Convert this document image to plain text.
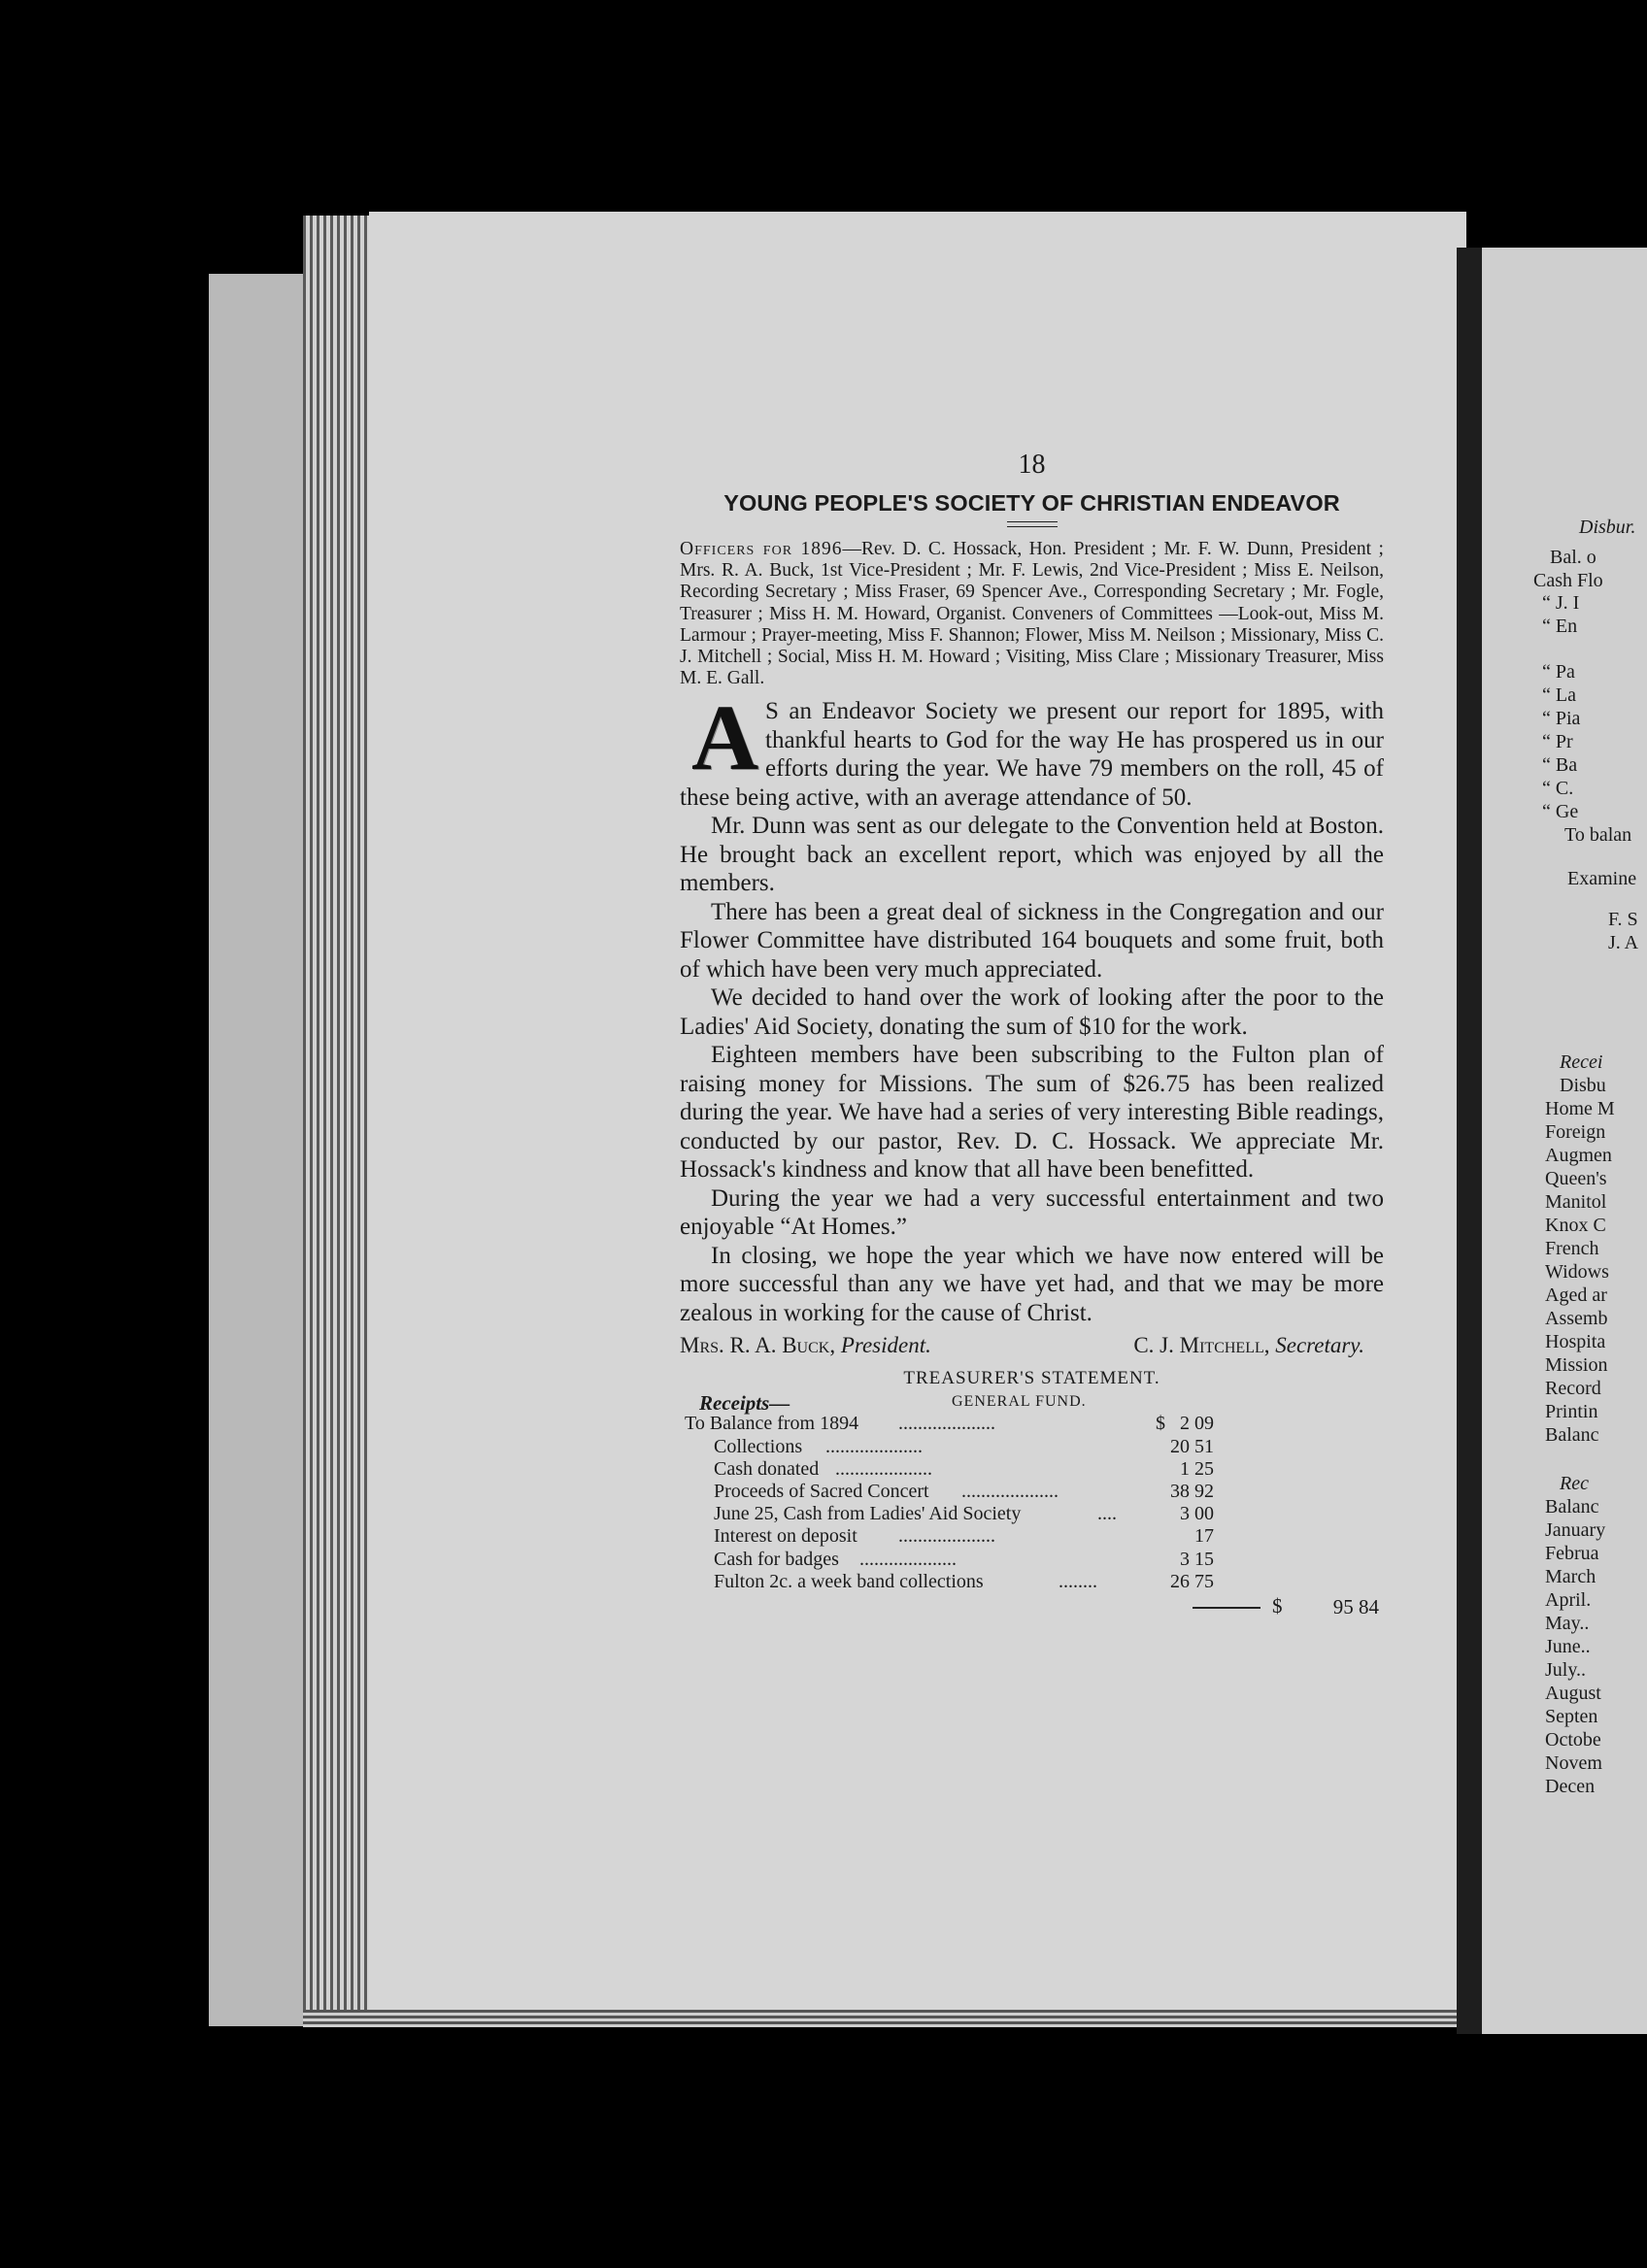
Disbur.
Bal. o
Cash Flo
“ J. I
“ En
“ Pa
“ La
“ Pia
“ Pr
“ Ba
“ C.
“ Ge
To balan
Examine
F. S
J. A
Recei
Disbu
Home M
Foreign
Augmen
Queen's
Manitol
Knox C
French
Widows
Aged ar
Assemb
Hospita
Mission
Record
Printin
Balanc
Rec
Balanc
January
Februa
March
April.
May..
June..
July..
August
Septen
Octobe
Novem
Decen
18
YOUNG PEOPLE'S SOCIETY OF CHRISTIAN ENDEAVOR

Officers for 1896—Rev. D. C. Hossack, Hon. President ; Mr. F. W. Dunn, President ; Mrs. R. A. Buck, 1st Vice-President ; Mr. F. Lewis, 2nd Vice-President ; Miss E. Neilson, Recording Secretary ; Miss Fraser, 69 Spencer Ave., Corresponding Secretary ; Mr. Fogle, Treasurer ; Miss H. M. Howard, Organist. Conveners of Committees —Look-out, Miss M. Larmour ; Prayer-meeting, Miss F. Shannon; Flower, Miss M. Neilson ; Missionary, Miss C. J. Mitchell ; Social, Miss H. M. Howard ; Visiting, Miss Clare ; Missionary Treasurer, Miss M. E. Gall.

A S an Endeavor Society we present our report for 1895, with thankful hearts to God for the way He has prospered us in our efforts during the year. We have 79 members on the roll, 45 of these being active, with an average attendance of 50.

Mr. Dunn was sent as our delegate to the Convention held at Boston. He brought back an excellent report, which was enjoyed by all the members.

There has been a great deal of sickness in the Congregation and our Flower Committee have distributed 164 bouquets and some fruit, both of which have been very much appreciated.

We decided to hand over the work of looking after the poor to the Ladies' Aid Society, donating the sum of $10 for the work.

Eighteen members have been subscribing to the Fulton plan of raising money for Missions. The sum of $26.75 has been realized during the year. We have had a series of very interesting Bible readings, conducted by our pastor, Rev. D. C. Hossack. We appreciate Mr. Hossack's kindness and know that all have been benefitted.

During the year we had a very successful entertainment and two enjoyable “At Homes.”

In closing, we hope the year which we have now entered will be more successful than any we have yet had, and that we may be more zealous in working for the cause of Christ.

Mrs. R. A. Buck, President.	C. J. Mitchell, Secretary.
TREASURER'S STATEMENT.
Receipts—	GENERAL FUND.
To Balance from 1894 ....................	$ 2 09
Collections ....................	20 51
Cash donated ....................	1 25
Proceeds of Sacred Concert ....................	38 92
June 25, Cash from Ladies' Aid Society	....	3 00
Interest on deposit ....................	17
Cash for badges ....................	3 15
Fulton 2c. a week band collections	........	26 75
$	95 84
